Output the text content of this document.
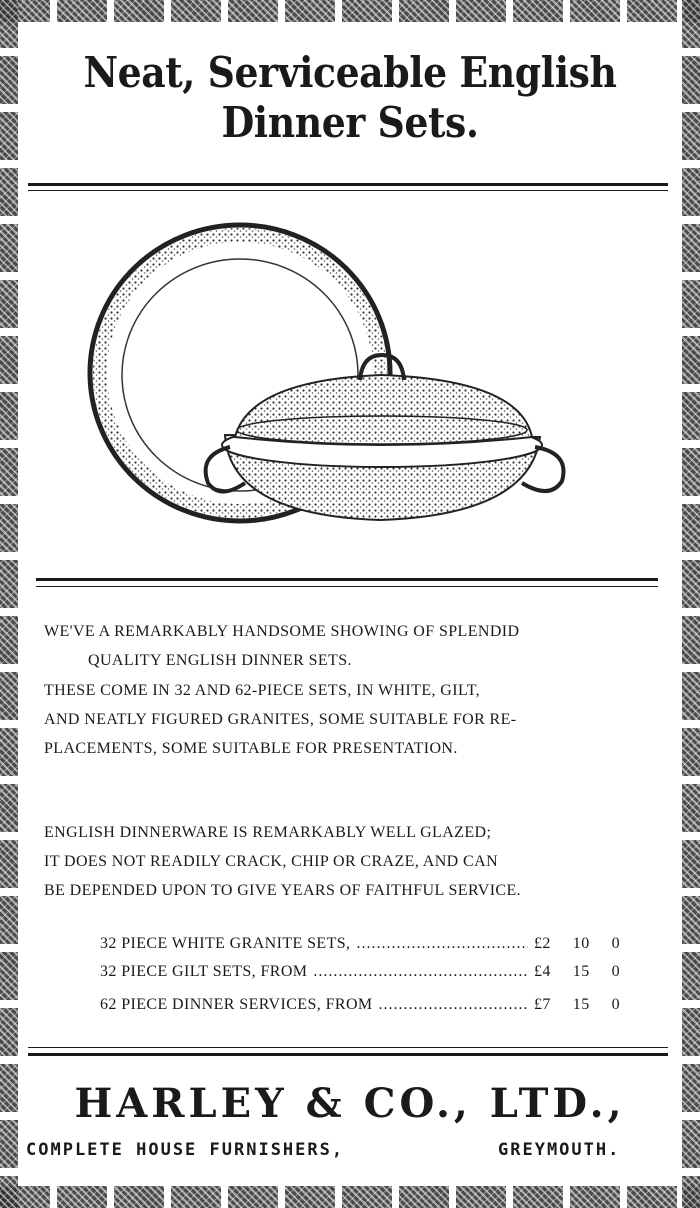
Neat, Serviceable English
Dinner Sets.
WE'VE A REMARKABLY HANDSOME SHOWING OF SPLENDID
QUALITY ENGLISH DINNER SETS.
THESE COME IN 32 AND 62-PIECE SETS, IN WHITE, GILT,
AND NEATLY FIGURED GRANITES, SOME SUITABLE FOR RE-
PLACEMENTS, SOME SUITABLE FOR PRESENTATION.
ENGLISH DINNERWARE IS REMARKABLY WELL GLAZED;
IT DOES NOT READILY CRACK, CHIP OR CRAZE, AND CAN
BE DEPENDED UPON TO GIVE YEARS OF FAITHFUL SERVICE.
32 PIECE WHITE GRANITE SETS, .....	£2 10 0
32 PIECE GILT SETS, FROM .....	£4 15 0
62 PIECE DINNER SERVICES, FROM .....	£7 15 0
HARLEY & CO., LTD.,
COMPLETE HOUSE FURNISHERS,	GREYMOUTH.
